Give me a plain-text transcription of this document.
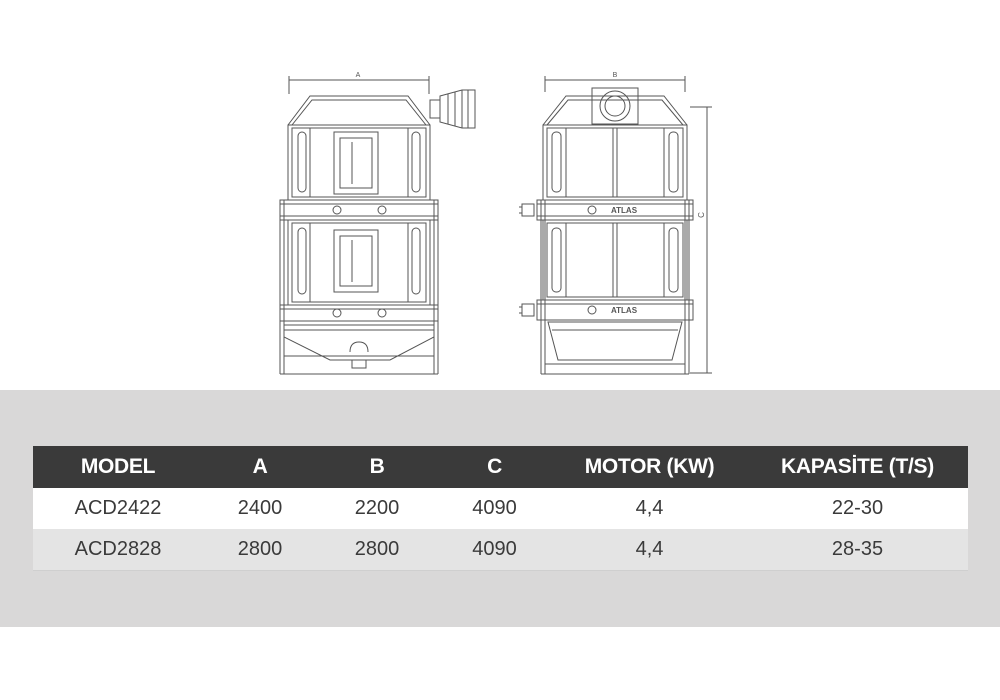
A	B
C
ATLAS
ATLAS
MODEL	A	B	C	MOTOR (KW)	KAPASİTE (T/S)
ACD2422	2400	2200	4090	4,4	22-30
ACD2828	2800	2800	4090	4,4	28-35
